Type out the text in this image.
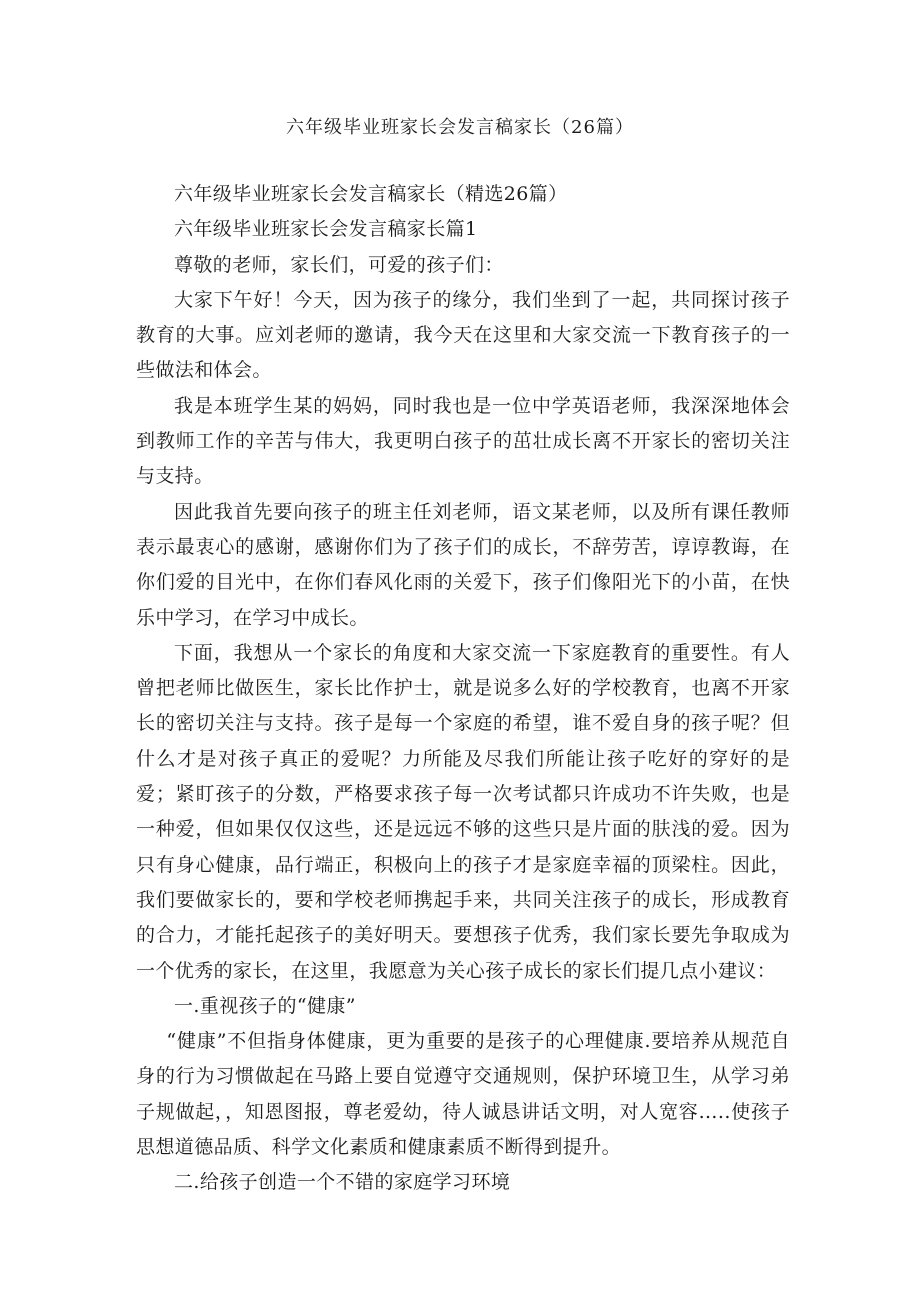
六年级毕业班家长会发言稿家长（26篇）

六年级毕业班家长会发言稿家长（精选26篇）

六年级毕业班家长会发言稿家长篇1

尊敬的老师，家长们，可爱的孩子们：

大家下午好！今天，因为孩子的缘分，我们坐到了一起，共同探讨孩子教育的大事。应刘老师的邀请，我今天在这里和大家交流一下教育孩子的一些做法和体会。

我是本班学生某的妈妈，同时我也是一位中学英语老师，我深深地体会到教师工作的辛苦与伟大，我更明白孩子的茁壮成长离不开家长的密切关注与支持。

因此我首先要向孩子的班主任刘老师，语文某老师，以及所有课任教师表示最衷心的感谢，感谢你们为了孩子们的成长，不辞劳苦，谆谆教诲，在你们爱的目光中，在你们春风化雨的关爱下，孩子们像阳光下的小苗，在快乐中学习，在学习中成长。

下面，我想从一个家长的角度和大家交流一下家庭教育的重要性。有人曾把老师比做医生，家长比作护士，就是说多么好的学校教育，也离不开家长的密切关注与支持。孩子是每一个家庭的希望，谁不爱自身的孩子呢？但什么才是对孩子真正的爱呢？力所能及尽我们所能让孩子吃好的穿好的是爱；紧盯孩子的分数，严格要求孩子每一次考试都只许成功不许失败，也是一种爱，但如果仅仅这些，还是远远不够的这些只是片面的肤浅的爱。因为只有身心健康，品行端正，积极向上的孩子才是家庭幸福的顶梁柱。因此，我们要做家长的，要和学校老师携起手来，共同关注孩子的成长，形成教育的合力，才能托起孩子的美好明天。要想孩子优秀，我们家长要先争取成为一个优秀的家长，在这里，我愿意为关心孩子成长的家长们提几点小建议：

一.重视孩子的“健康”

“健康”不但指身体健康，更为重要的是孩子的心理健康.要培养从规范自身的行为习惯做起在马路上要自觉遵守交通规则，保护环境卫生，从学习弟子规做起，，知恩图报，尊老爱幼，待人诚恳讲话文明，对人宽容…..使孩子思想道德品质、科学文化素质和健康素质不断得到提升。

二.给孩子创造一个不错的家庭学习环境
